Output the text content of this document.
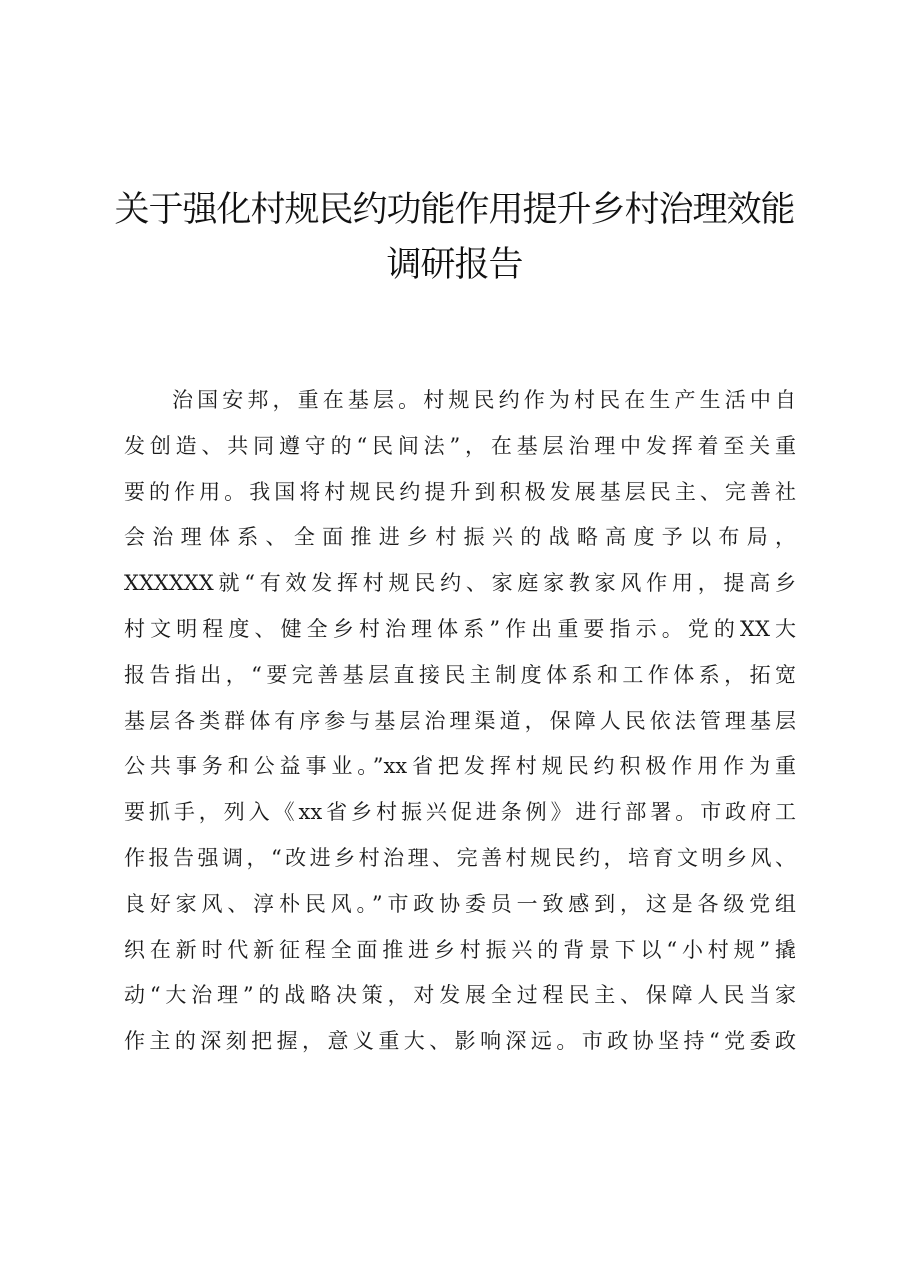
关于强化村规民约功能作用提升乡村治理效能
调研报告
治国安邦，重在基层。村规民约作为村民在生产生活中自
发创造、共同遵守的“民间法”，在基层治理中发挥着至关重
要的作用。我国将村规民约提升到积极发展基层民主、完善社
会治理体系、全面推进乡村振兴的战略高度予以布局，
XXXXXX就“有效发挥村规民约、家庭家教家风作用，提高乡
村文明程度、健全乡村治理体系”作出重要指示。党的XX大
报告指出，“要完善基层直接民主制度体系和工作体系，拓宽
基层各类群体有序参与基层治理渠道，保障人民依法管理基层
公共事务和公益事业。”xx省把发挥村规民约积极作用作为重
要抓手，列入《xx省乡村振兴促进条例》进行部署。市政府工
作报告强调，“改进乡村治理、完善村规民约，培育文明乡风、
良好家风、淳朴民风。”市政协委员一致感到，这是各级党组
织在新时代新征程全面推进乡村振兴的背景下以“小村规”撬
动“大治理”的战略决策，对发展全过程民主、保障人民当家
作主的深刻把握，意义重大、影响深远。市政协坚持“党委政
